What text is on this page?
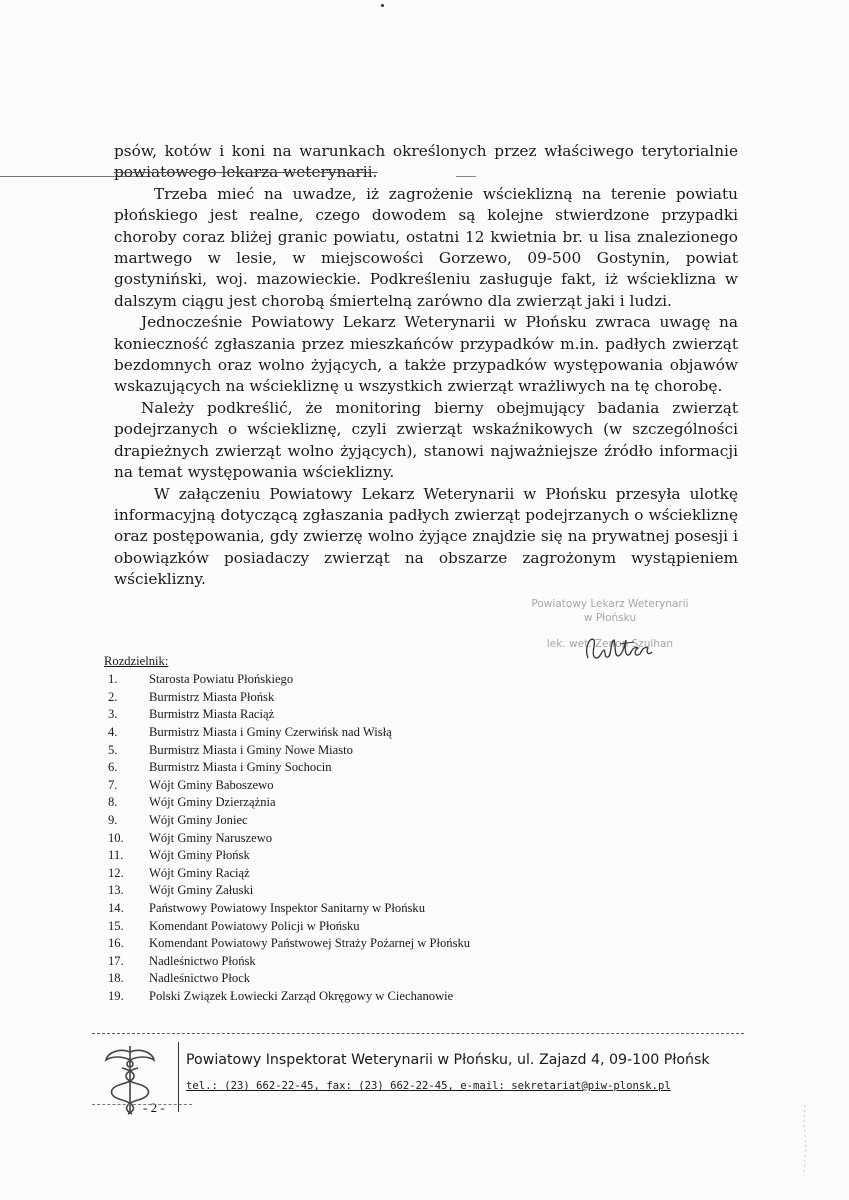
psów, kotów i koni na warunkach określonych przez właściwego terytorialnie powiatowego lekarza weterynarii.

Trzeba mieć na uwadze, iż zagrożenie wścieklizną na terenie powiatu płońskiego jest realne, czego dowodem są kolejne stwierdzone przypadki choroby coraz bliżej granic powiatu, ostatni 12 kwietnia br. u lisa znalezionego martwego w lesie, w miejscowości Gorzewo, 09-500 Gostynin, powiat gostyniński, woj. mazowieckie. Podkreśleniu zasługuje fakt, iż wścieklizna w dalszym ciągu jest chorobą śmiertelną zarówno dla zwierząt jaki i ludzi.

Jednocześnie Powiatowy Lekarz Weterynarii w Płońsku zwraca uwagę na konieczność zgłaszania przez mieszkańców przypadków m.in. padłych zwierząt bezdomnych oraz wolno żyjących, a także przypadków występowania objawów wskazujących na wściekliznę u wszystkich zwierząt wrażliwych na tę chorobę.

Należy podkreślić, że monitoring bierny obejmujący badania zwierząt podejrzanych o wściekliznę, czyli zwierząt wskaźnikowych (w szczególności drapieżnych zwierząt wolno żyjących), stanowi najważniejsze źródło informacji na temat występowania wścieklizny.

W załączeniu Powiatowy Lekarz Weterynarii w Płońsku przesyła ulotkę informacyjną dotyczącą zgłaszania padłych zwierząt podejrzanych o wściekliznę oraz postępowania, gdy zwierzę wolno żyjące znajdzie się na prywatnej posesji i obowiązków posiadaczy zwierząt na obszarze zagrożonym wystąpieniem wścieklizny.

Powiatowy Lekarz Weterynarii
w Płońsku
lek. wet. Zenon Szulhan
Rozdzielnik:
1.	Starosta Powiatu Płońskiego
2.	Burmistrz Miasta Płońsk
3.	Burmistrz Miasta Raciąż
4.	Burmistrz Miasta i Gminy Czerwińsk nad Wisłą
5.	Burmistrz Miasta i Gminy Nowe Miasto
6.	Burmistrz Miasta i Gminy Sochocin
7.	Wójt Gminy Baboszewo
8.	Wójt Gminy Dzierzążnia
9.	Wójt Gminy Joniec
10.	Wójt Gminy Naruszewo
11.	Wójt Gminy Płońsk
12.	Wójt Gminy Raciąż
13.	Wójt Gminy Załuski
14.	Państwowy Powiatowy Inspektor Sanitarny w Płońsku
15.	Komendant Powiatowy Policji w Płońsku
16.	Komendant Powiatowy Państwowej Straży Pożarnej w Płońsku
17.	Nadleśnictwo Płońsk
18.	Nadleśnictwo Płock
19.	Polski Związek Łowiecki Zarząd Okręgowy w Ciechanowie
Powiatowy Inspektorat Weterynarii w Płońsku, ul. Zajazd 4, 09-100 Płońsk
tel.: (23) 662-22-45, fax: (23) 662-22-45, e-mail: sekretariat@piw-plonsk.pl
- 2 -
